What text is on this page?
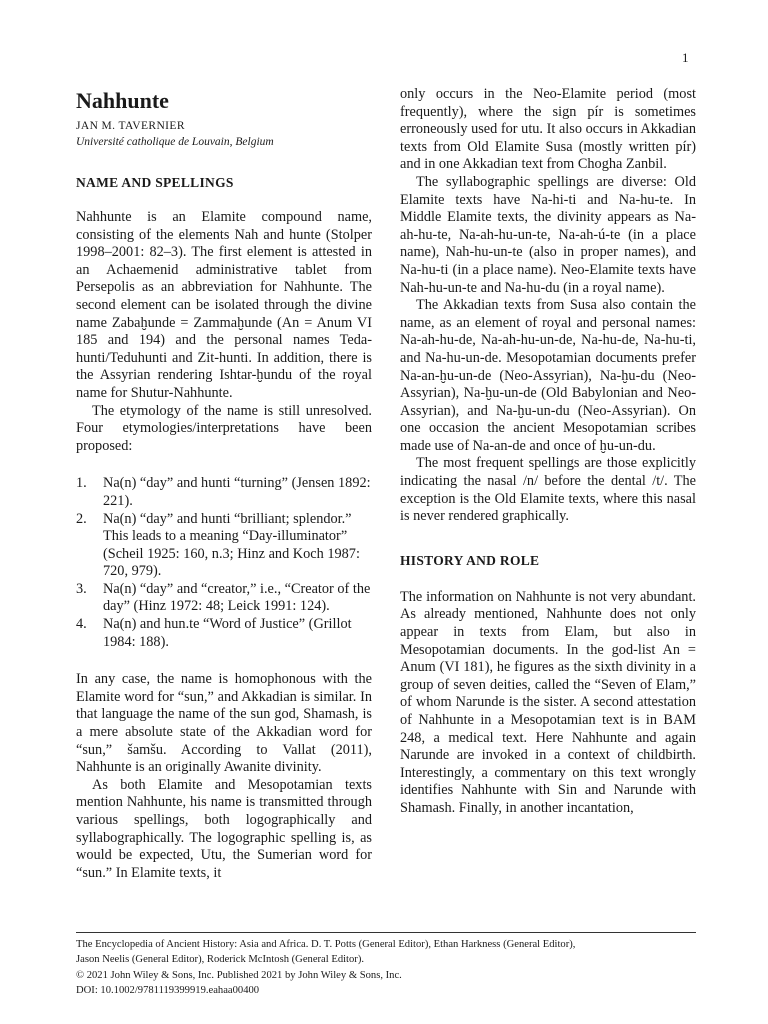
1
Nahhunte

JAN M. TAVERNIER

Université catholique de Louvain, Belgium

NAME AND SPELLINGS

Nahhunte is an Elamite compound name, consisting of the elements Nah and hunte (Stolper 1998–2001: 82–3). The first element is attested in an Achaemenid administrative tablet from Persepolis as an abbreviation for Nahhunte. The second element can be isolated through the divine name Zabaḫunde = Zammaḫunde (An = Anum VI 185 and 194) and the personal names Teda-hunti/Teduhunti and Zit-hunti. In addition, there is the Assyrian rendering Ishtar-ḫundu of the royal name for Shutur-Nahhunte.

The etymology of the name is still unresolved. Four etymologies/interpretations have been proposed:

1. Na(n) “day” and hunti “turning” (Jensen 1892: 221).
2. Na(n) “day” and hunti “brilliant; splendor.” This leads to a meaning “Day-illuminator” (Scheil 1925: 160, n.3; Hinz and Koch 1987: 720, 979).
3. Na(n) “day” and “creator,” i.e., “Creator of the day” (Hinz 1972: 48; Leick 1991: 124).
4. Na(n) and hun.te “Word of Justice” (Grillot 1984: 188).

In any case, the name is homophonous with the Elamite word for “sun,” and Akkadian is similar. In that language the name of the sun god, Shamash, is a mere absolute state of the Akkadian word for “sun,” šamšu. According to Vallat (2011), Nahhunte is an originally Awanite divinity.

As both Elamite and Mesopotamian texts mention Nahhunte, his name is transmitted through various spellings, both logographically and syllabographically. The logographic spelling is, as would be expected, Utu, the Sumerian word for “sun.” In Elamite texts, it

only occurs in the Neo-Elamite period (most frequently), where the sign pír is sometimes erroneously used for utu. It also occurs in Akkadian texts from Old Elamite Susa (mostly written pír) and in one Akkadian text from Chogha Zanbil.

The syllabographic spellings are diverse: Old Elamite texts have Na-hi-ti and Na-hu-te. In Middle Elamite texts, the divinity appears as Na-ah-hu-te, Na-ah-hu-un-te, Na-ah-ú-te (in a place name), Nah-hu-un-te (also in proper names), and Na-hu-ti (in a place name). Neo-Elamite texts have Nah-hu-un-te and Na-hu-du (in a royal name).

The Akkadian texts from Susa also contain the name, as an element of royal and personal names: Na-ah-hu-de, Na-ah-hu-un-de, Na-hu-de, Na-hu-ti, and Na-hu-un-de. Mesopotamian documents prefer Na-an-ḫu-un-de (Neo-Assyrian), Na-ḫu-du (Neo-Assyrian), Na-ḫu-un-de (Old Babylonian and Neo-Assyrian), and Na-ḫu-un-du (Neo-Assyrian). On one occasion the ancient Mesopotamian scribes made use of Na-an-de and once of ḫu-un-du.

The most frequent spellings are those explicitly indicating the nasal /n/ before the dental /t/. The exception is the Old Elamite texts, where this nasal is never rendered graphically.

HISTORY AND ROLE

The information on Nahhunte is not very abundant. As already mentioned, Nahhunte does not only appear in texts from Elam, but also in Mesopotamian documents. In the god-list An = Anum (VI 181), he figures as the sixth divinity in a group of seven deities, called the “Seven of Elam,” of whom Narunde is the sister. A second attestation of Nahhunte in a Mesopotamian text is in BAM 248, a medical text. Here Nahhunte and again Narunde are invoked in a context of childbirth. Interestingly, a commentary on this text wrongly identifies Nahhunte with Sin and Narunde with Shamash. Finally, in another incantation,

The Encyclopedia of Ancient History: Asia and Africa. D. T. Potts (General Editor), Ethan Harkness (General Editor),
Jason Neelis (General Editor), Roderick McIntosh (General Editor).
© 2021 John Wiley & Sons, Inc. Published 2021 by John Wiley & Sons, Inc.
DOI: 10.1002/9781119399919.eahaa00400
